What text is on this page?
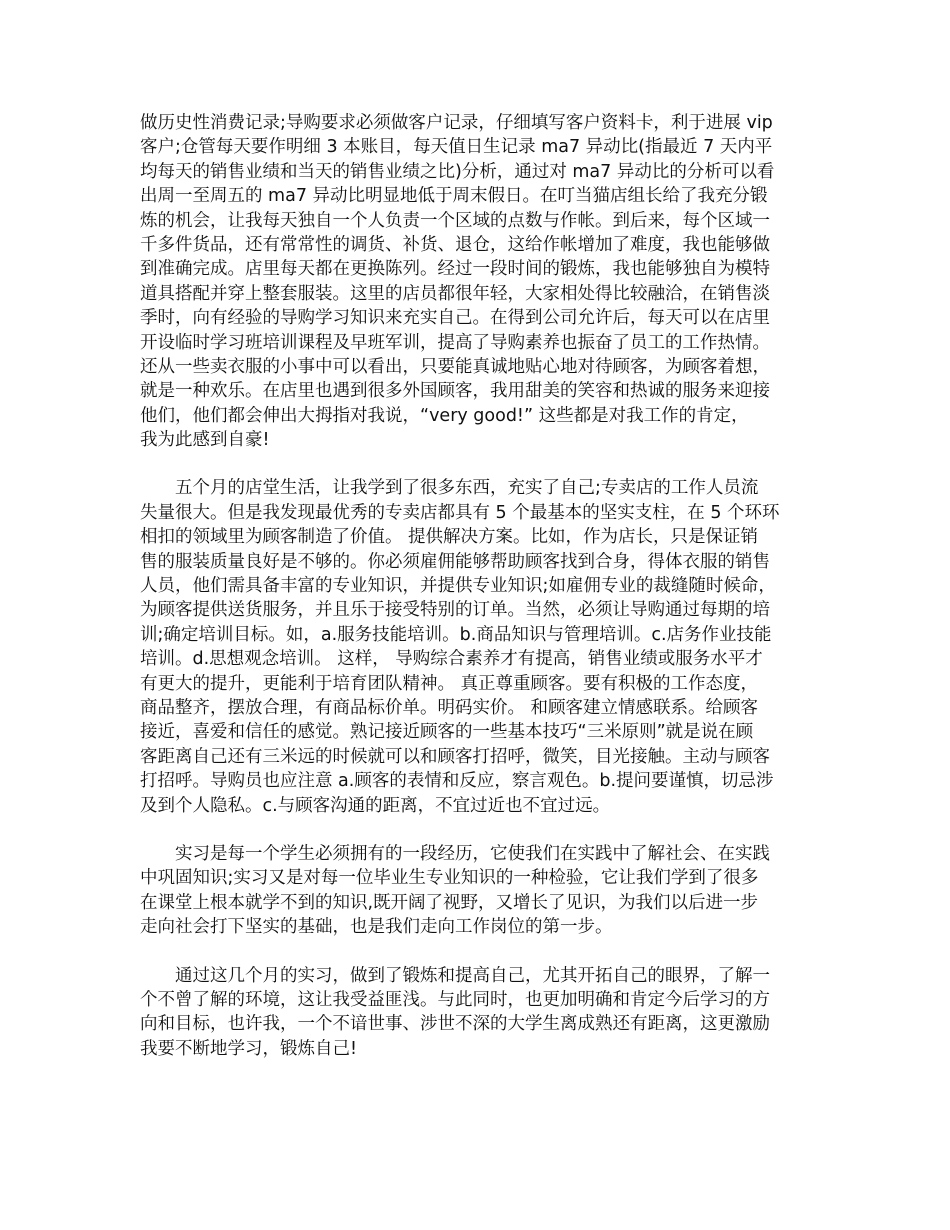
做历史性消费记录;导购要求必须做客户记录，仔细填写客户资料卡，利于进展 vip
客户;仓管每天要作明细 3 本账目，每天值日生记录 ma7 异动比(指最近 7 天内平
均每天的销售业绩和当天的销售业绩之比)分析，通过对 ma7 异动比的分析可以看
出周一至周五的 ma7 异动比明显地低于周末假日。在叮当猫店组长给了我充分锻
炼的机会，让我每天独自一个人负责一个区域的点数与作帐。到后来，每个区域一
千多件货品，还有常常性的调货、补货、退仓，这给作帐增加了难度，我也能够做
到准确完成。店里每天都在更换陈列。经过一段时间的锻炼，我也能够独自为模特
道具搭配并穿上整套服装。这里的店员都很年轻，大家相处得比较融洽，在销售淡
季时，向有经验的导购学习知识来充实自己。在得到公司允许后，每天可以在店里
开设临时学习班培训课程及早班军训，提高了导购素养也振奋了员工的工作热情。
还从一些卖衣服的小事中可以看出，只要能真诚地贴心地对待顾客，为顾客着想，
就是一种欢乐。在店里也遇到很多外国顾客，我用甜美的笑容和热诚的服务来迎接
他们，他们都会伸出大拇指对我说，“very good!” 这些都是对我工作的肯定，
我为此感到自豪!
　　五个月的店堂生活，让我学到了很多东西，充实了自己;专卖店的工作人员流
失量很大。但是我发现最优秀的专卖店都具有 5 个最基本的坚实支柱，在 5 个环环
相扣的领域里为顾客制造了价值。 提供解决方案。比如，作为店长，只是保证销
售的服装质量良好是不够的。你必须雇佣能够帮助顾客找到合身，得体衣服的销售
人员，他们需具备丰富的专业知识，并提供专业知识;如雇佣专业的裁缝随时候命，
为顾客提供送货服务，并且乐于接受特别的订单。当然，必须让导购通过每期的培
训;确定培训目标。如，a.服务技能培训。b.商品知识与管理培训。c.店务作业技能
培训。d.思想观念培训。 这样， 导购综合素养才有提高，销售业绩或服务水平才
有更大的提升，更能利于培育团队精神。 真正尊重顾客。要有积极的工作态度，
商品整齐，摆放合理，有商品标价单。明码实价。 和顾客建立情感联系。给顾客
接近，喜爱和信任的感觉。熟记接近顾客的一些基本技巧“三米原则”就是说在顾
客距离自己还有三米远的时候就可以和顾客打招呼，微笑，目光接触。主动与顾客
打招呼。导购员也应注意 a.顾客的表情和反应，察言观色。b.提问要谨慎，切忌涉
及到个人隐私。c.与顾客沟通的距离，不宜过近也不宜过远。
　　实习是每一个学生必须拥有的一段经历，它使我们在实践中了解社会、在实践
中巩固知识;实习又是对每一位毕业生专业知识的一种检验，它让我们学到了很多
在课堂上根本就学不到的知识,既开阔了视野，又增长了见识，为我们以后进一步
走向社会打下坚实的基础，也是我们走向工作岗位的第一步。
　　通过这几个月的实习，做到了锻炼和提高自己，尤其开拓自己的眼界，了解一
个不曾了解的环境，这让我受益匪浅。与此同时，也更加明确和肯定今后学习的方
向和目标，也许我，一个不谙世事、涉世不深的大学生离成熟还有距离，这更激励
我要不断地学习，锻炼自己!
